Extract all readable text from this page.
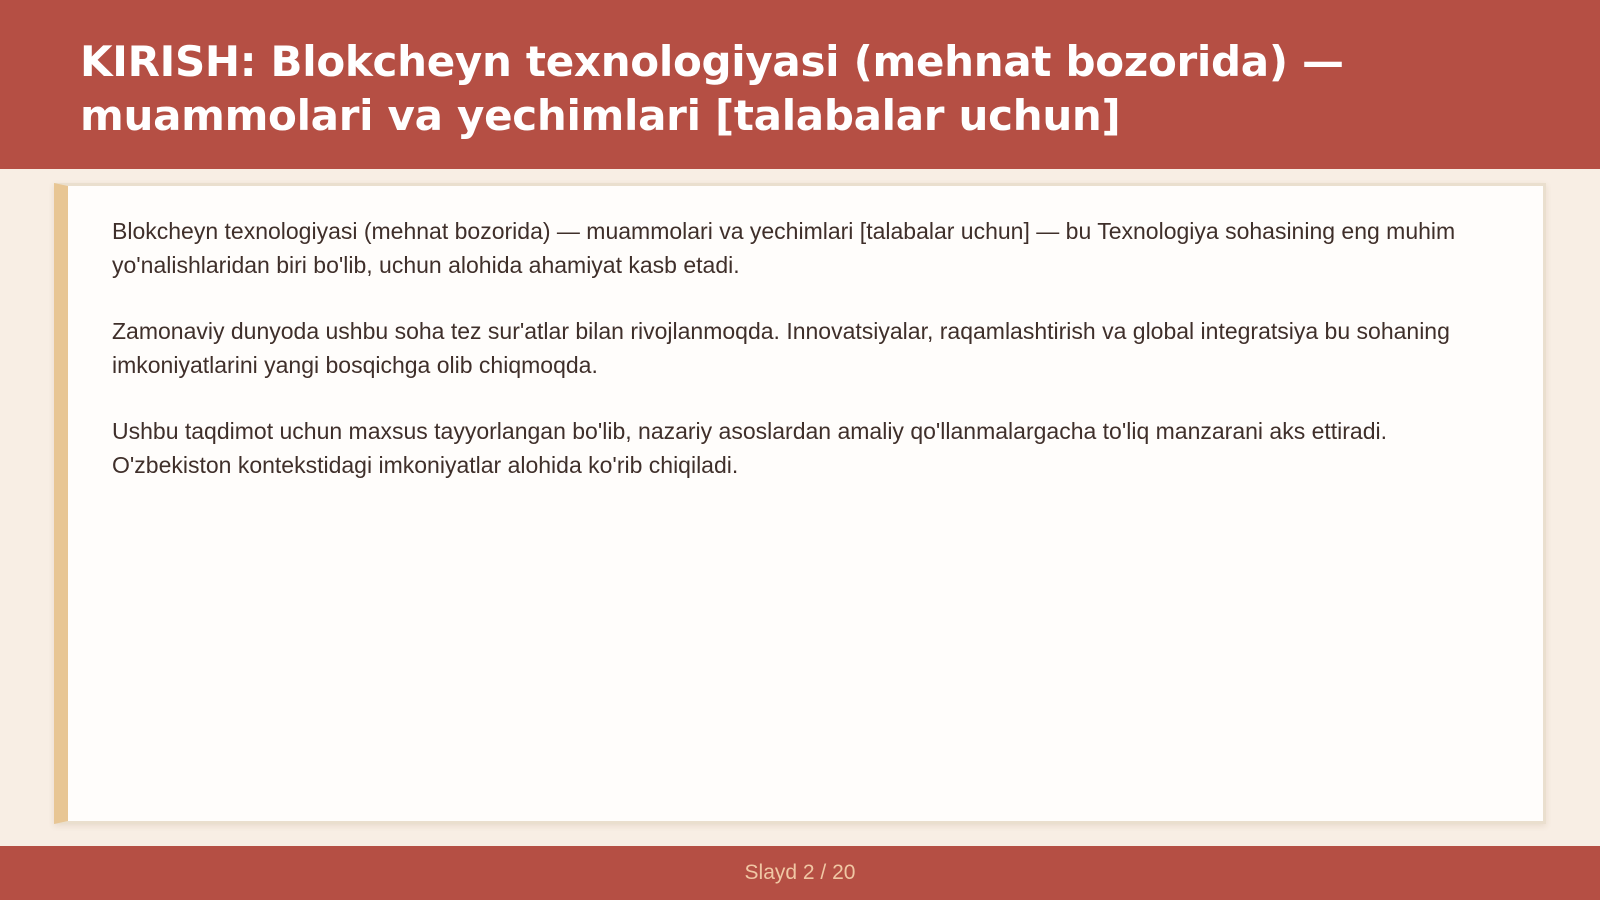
KIRISH: Blokcheyn texnologiyasi (mehnat bozorida) — muammolari va yechimlari [talabalar uchun]

Blokcheyn texnologiyasi (mehnat bozorida) — muammolari va yechimlari [talabalar uchun] — bu Texnologiya sohasining eng muhim yo'nalishlaridan biri bo'lib, uchun alohida ahamiyat kasb etadi.

Zamonaviy dunyoda ushbu soha tez sur'atlar bilan rivojlanmoqda. Innovatsiyalar, raqamlashtirish va global integratsiya bu sohaning imkoniyatlarini yangi bosqichga olib chiqmoqda.

Ushbu taqdimot uchun maxsus tayyorlangan bo'lib, nazariy asoslardan amaliy qo'llanmalargacha to'liq manzarani aks ettiradi. O'zbekiston kontekstidagi imkoniyatlar alohida ko'rib chiqiladi.

Slayd 2 / 20
